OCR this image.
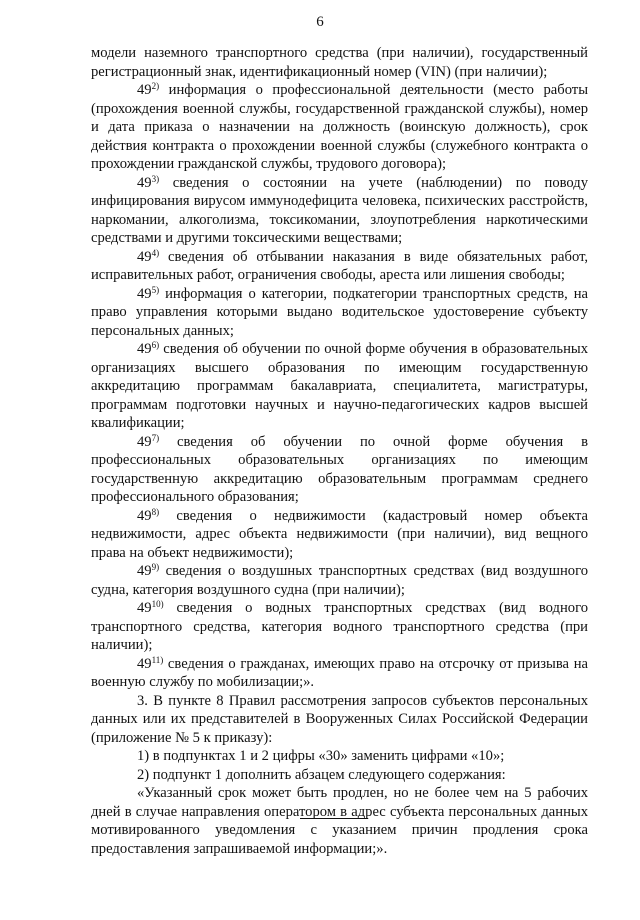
6

модели наземного транспортного средства (при наличии), государственный регистрационный знак, идентификационный номер (VIN) (при наличии);

49$^{2)}$ информация о профессиональной деятельности (место работы (прохождения военной службы, государственной гражданской службы), номер и дата приказа о назначении на должность (воинскую должность), срок действия контракта о прохождении военной службы (служебного контракта о прохождении гражданской службы, трудового договора);

49$^{3)}$ сведения о состоянии на учете (наблюдении) по поводу инфицирования вирусом иммунодефицита человека, психических расстройств, наркомании, алкоголизма, токсикомании, злоупотребления наркотическими средствами и другими токсическими веществами;

49$^{4)}$ сведения об отбывании наказания в виде обязательных работ, исправительных работ, ограничения свободы, ареста или лишения свободы;

49$^{5)}$ информация о категории, подкатегории транспортных средств, на право управления которыми выдано водительское удостоверение субъекту персональных данных;

49$^{6)}$ сведения об обучении по очной форме обучения в образовательных организациях высшего образования по имеющим государственную аккредитацию программам бакалавриата, специалитета, магистратуры, программам подготовки научных и научно-педагогических кадров высшей квалификации;

49$^{7)}$ сведения об обучении по очной форме обучения в профессиональных образовательных организациях по имеющим государственную аккредитацию образовательным программам среднего профессионального образования;

49$^{8)}$ сведения о недвижимости (кадастровый номер объекта недвижимости, адрес объекта недвижимости (при наличии), вид вещного права на объект недвижимости);

49$^{9)}$ сведения о воздушных транспортных средствах (вид воздушного судна, категория воздушного судна (при наличии);

49$^{10)}$ сведения о водных транспортных средствах (вид водного транспортного средства, категория водного транспортного средства (при наличии);

49$^{11)}$ сведения о гражданах, имеющих право на отсрочку от призыва на военную службу по мобилизации;».

3. В пункте 8 Правил рассмотрения запросов субъектов персональных данных или их представителей в Вооруженных Силах Российской Федерации (приложение № 5 к приказу):

1) в подпунктах 1 и 2 цифры «30» заменить цифрами «10»;

2) подпункт 1 дополнить абзацем следующего содержания:

«Указанный срок может быть продлен, но не более чем на 5 рабочих дней в случае направления оператором в адрес субъекта персональных данных мотивированного уведомления с указанием причин продления срока предоставления запрашиваемой информации;».
